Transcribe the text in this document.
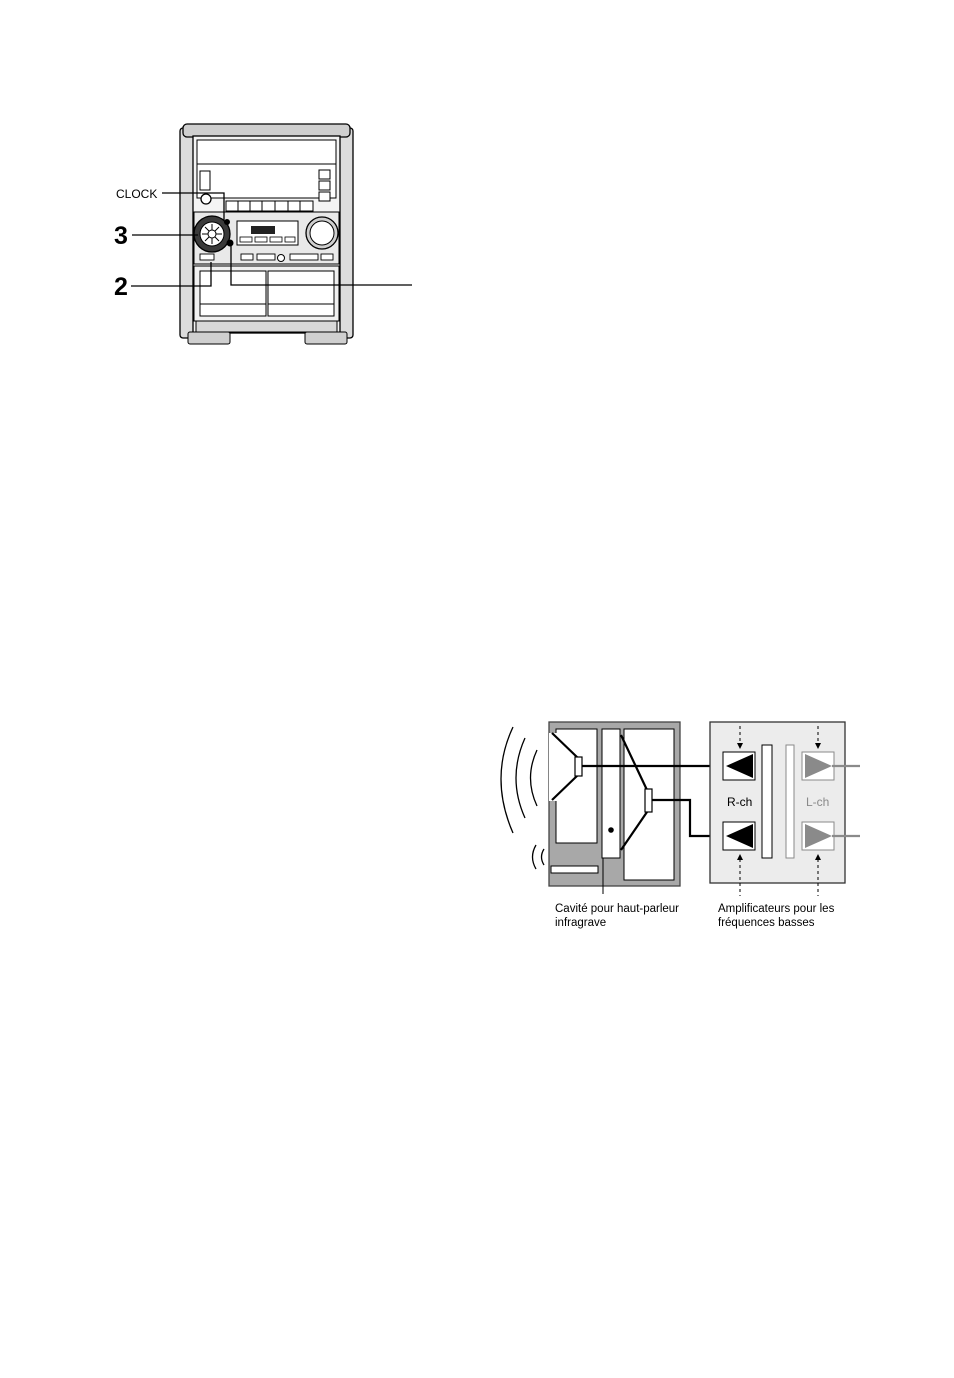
CLOCK
3
2
R-ch	L-ch
Cavité pour haut-parleur
infragrave
Amplificateurs pour les
fréquences basses
